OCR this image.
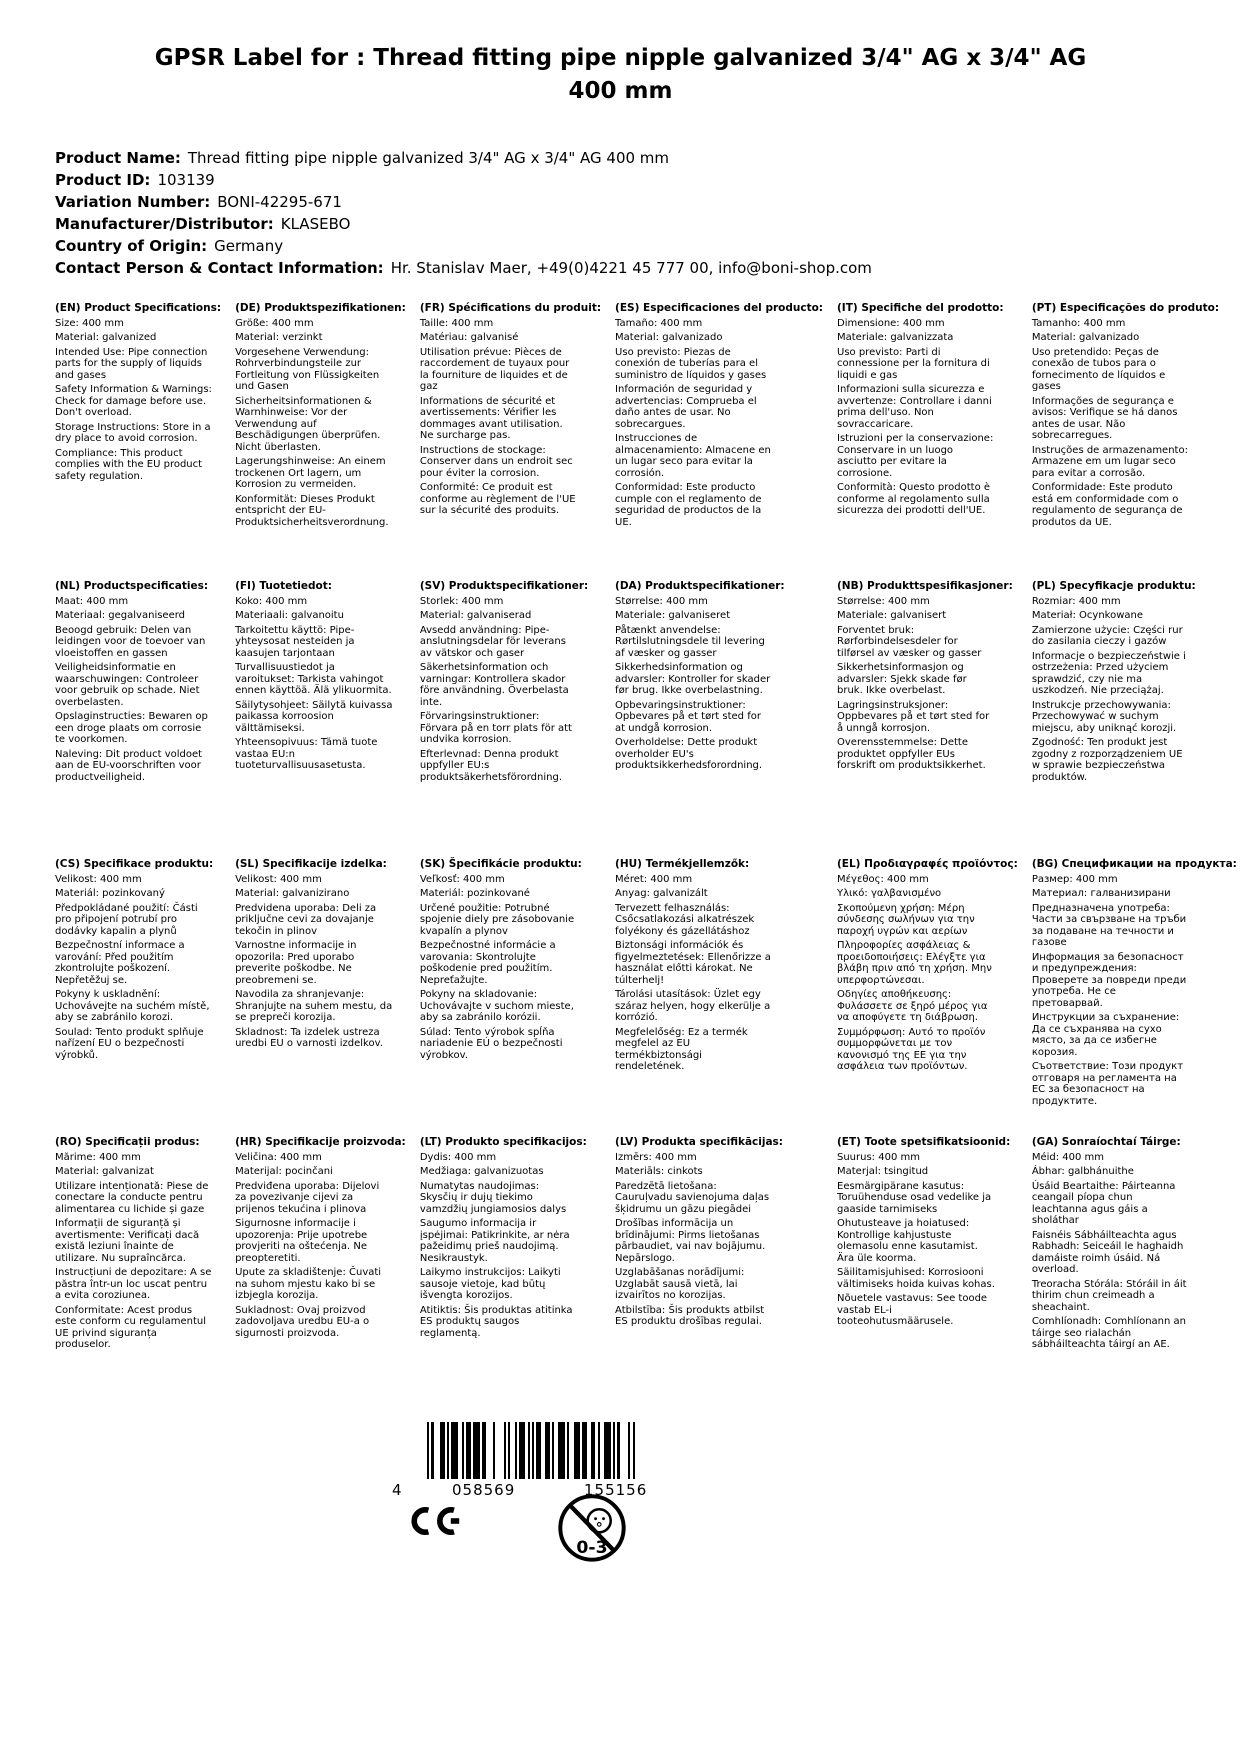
GPSR Label for : Thread fitting pipe nipple galvanized 3/4" AG x 3/4" AG 400 mm
Product Name: Thread fitting pipe nipple galvanized 3/4" AG x 3/4" AG 400 mm
Product ID: 103139
Variation Number: BONI-42295-671
Manufacturer/Distributor: KLASEBO
Country of Origin: Germany
Contact Person & Contact Information: Hr. Stanislav Maer, +49(0)4221 45 777 00, info@boni-shop.com
(EN) Product Specifications:
Size: 400 mm
Material: galvanized
Intended Use: Pipe connection parts for the supply of liquids and gases
Safety Information & Warnings: Check for damage before use. Don't overload.
Storage Instructions: Store in a dry place to avoid corrosion.
Compliance: This product complies with the EU product safety regulation.
(DE) Produktspezifikationen:
Größe: 400 mm
Material: verzinkt
Vorgesehene Verwendung: Rohrverbindungsteile zur Fortleitung von Flüssigkeiten und Gasen
Sicherheitsinformationen & Warnhinweise: Vor der Verwendung auf Beschädigungen überprüfen. Nicht überlasten.
Lagerungshinweise: An einem trockenen Ort lagern, um Korrosion zu vermeiden.
Konformität: Dieses Produkt entspricht der EU-Produktsicherheitsverordnung.
(FR) Spécifications du produit:
Taille: 400 mm
Matériau: galvanisé
Utilisation prévue: Pièces de raccordement de tuyaux pour la fourniture de liquides et de gaz
Informations de sécurité et avertissements: Vérifier les dommages avant utilisation. Ne surcharge pas.
Instructions de stockage: Conserver dans un endroit sec pour éviter la corrosion.
Conformité: Ce produit est conforme au règlement de l'UE sur la sécurité des produits.
(ES) Especificaciones del producto:
Tamaño: 400 mm
Material: galvanizado
Uso previsto: Piezas de conexión de tuberías para el suministro de líquidos y gases
Información de seguridad y advertencias: Comprueba el daño antes de usar. No sobrecargues.
Instrucciones de almacenamiento: Almacene en un lugar seco para evitar la corrosión.
Conformidad: Este producto cumple con el reglamento de seguridad de productos de la UE.
(IT) Specifiche del prodotto:
Dimensione: 400 mm
Materiale: galvanizzata
Uso previsto: Parti di connessione per la fornitura di liquidi e gas
Informazioni sulla sicurezza e avvertenze: Controllare i danni prima dell'uso. Non sovraccaricare.
Istruzioni per la conservazione: Conservare in un luogo asciutto per evitare la corrosione.
Conformità: Questo prodotto è conforme al regolamento sulla sicurezza dei prodotti dell'UE.
(PT) Especificações do produto:
Tamanho: 400 mm
Material: galvanizado
Uso pretendido: Peças de conexão de tubos para o fornecimento de líquidos e gases
Informações de segurança e avisos: Verifique se há danos antes de usar. Não sobrecarregues.
Instruções de armazenamento: Armazene em um lugar seco para evitar a corrosão.
Conformidade: Este produto está em conformidade com o regulamento de segurança de produtos da UE.
(NL) Productspecificaties:
Maat: 400 mm
Materiaal: gegalvaniseerd
Beoogd gebruik: Delen van leidingen voor de toevoer van vloeistoffen en gassen
Veiligheidsinformatie en waarschuwingen: Controleer voor gebruik op schade. Niet overbelasten.
Opslaginstructies: Bewaren op een droge plaats om corrosie te voorkomen.
Naleving: Dit product voldoet aan de EU-voorschriften voor productveiligheid.
(FI) Tuotetiedot:
Koko: 400 mm
Materiaali: galvanoitu
Tarkoitettu käyttö: Pipe-yhteysosat nesteiden ja kaasujen tarjontaan
Turvallisuustiedot ja varoitukset: Tarkista vahingot ennen käyttöä. Älä ylikuormita.
Säilytysohjeet: Säilytä kuivassa paikassa korroosion välttämiseksi.
Yhteensopivuus: Tämä tuote vastaa EU:n tuoteturvallisuusasetusta.
(SV) Produktspecifikationer:
Storlek: 400 mm
Material: galvaniserad
Avsedd användning: Pipe-anslutningsdelar för leverans av vätskor och gaser
Säkerhetsinformation och varningar: Kontrollera skador före användning. Överbelasta inte.
Förvaringsinstruktioner: Förvara på en torr plats för att undvika korrosion.
Efterlevnad: Denna produkt uppfyller EU:s produktsäkerhetsförordning.
(DA) Produktspecifikationer:
Størrelse: 400 mm
Materiale: galvaniseret
Påtænkt anvendelse: Rørtilslutningsdele til levering af væsker og gasser
Sikkerhedsinformation og advarsler: Kontroller for skader før brug. Ikke overbelastning.
Opbevaringsinstruktioner: Opbevares på et tørt sted for at undgå korrosion.
Overholdelse: Dette produkt overholder EU's produktsikkerhedsforordning.
(NB) Produkttspesifikasjoner:
Størrelse: 400 mm
Materiale: galvanisert
Forventet bruk: Rørforbindelsesdeler for tilførsel av væsker og gasser
Sikkerhetsinformasjon og advarsler: Sjekk skade før bruk. Ikke overbelast.
Lagringsinstruksjoner: Oppbevares på et tørt sted for å unngå korrosjon.
Overensstemmelse: Dette produktet oppfyller EUs forskrift om produktsikkerhet.
(PL) Specyfikacje produktu:
Rozmiar: 400 mm
Materiał: Ocynkowane
Zamierzone użycie: Części rur do zasilania cieczy i gazów
Informacje o bezpieczeństwie i ostrzeżenia: Przed użyciem sprawdzić, czy nie ma uszkodzeń. Nie przeciążaj.
Instrukcje przechowywania: Przechowywać w suchym miejscu, aby uniknąć korozji.
Zgodność: Ten produkt jest zgodny z rozporządzeniem UE w sprawie bezpieczeństwa produktów.
(CS) Specifikace produktu:
Velikost: 400 mm
Materiál: pozinkovaný
Předpokládané použití: Části pro připojení potrubí pro dodávky kapalin a plynů
Bezpečnostní informace a varování: Před použitím zkontrolujte poškození. Nepřetěžuj se.
Pokyny k uskladnění: Uchovávejte na suchém místě, aby se zabránilo korozi.
Soulad: Tento produkt splňuje nařízení EU o bezpečnosti výrobků.
(SL) Specifikacije izdelka:
Velikost: 400 mm
Material: galvanizirano
Predvidena uporaba: Deli za priključne cevi za dovajanje tekočin in plinov
Varnostne informacije in opozorila: Pred uporabo preverite poškodbe. Ne preobremeni se.
Navodila za shranjevanje: Shranjujte na suhem mestu, da se prepreči korozija.
Skladnost: Ta izdelek ustreza uredbi EU o varnosti izdelkov.
(SK) Špecifikácie produktu:
Veľkosť: 400 mm
Materiál: pozinkované
Určené použitie: Potrubné spojenie diely pre zásobovanie kvapalín a plynov
Bezpečnostné informácie a varovania: Skontrolujte poškodenie pred použitím. Nepreťažujte.
Pokyny na skladovanie: Uchovávajte v suchom mieste, aby sa zabránilo korózii.
Súlad: Tento výrobok spĺňa nariadenie EÚ o bezpečnosti výrobkov.
(HU) Termékjellemzők:
Méret: 400 mm
Anyag: galvanizált
Tervezett felhasználás: Csőcsatlakozási alkatrészek folyékony és gázellátáshoz
Biztonsági információk és figyelmeztetések: Ellenőrizze a használat előtti károkat. Ne túlterhelj!
Tárolási utasítások: Üzlet egy száraz helyen, hogy elkerülje a korrózió.
Megfelelőség: Ez a termék megfelel az EU termékbiztonsági rendeletének.
(EL) Προδιαγραφές προϊόντος:
Μέγεθος: 400 mm
Υλικό: γαλβανισμένο
Σκοπούμενη χρήση: Μέρη σύνδεσης σωλήνων για την παροχή υγρών και αερίων
Πληροφορίες ασφάλειας & προειδοποιήσεις: Ελέγξτε για βλάβη πριν από τη χρήση. Μην υπερφορτώνεσαι.
Οδηγίες αποθήκευσης: Φυλάσσετε σε ξηρό μέρος για να αποφύγετε τη διάβρωση.
Συμμόρφωση: Αυτό το προϊόν συμμορφώνεται με τον κανονισμό της ΕΕ για την ασφάλεια των προϊόντων.
(BG) Спецификации на продукта:
Размер: 400 mm
Материал: галванизирани
Предназначена употреба: Части за свързване на тръби за подаване на течности и газове
Информация за безопасност и предупреждения: Проверете за повреди преди употреба. Не се претоварвай.
Инструкции за съхранение: Да се съхранява на сухо място, за да се избегне корозия.
Съответствие: Този продукт отговаря на регламента на ЕС за безопасност на продуктите.
(RO) Specificații produs:
Mărime: 400 mm
Material: galvanizat
Utilizare intenționată: Piese de conectare la conducte pentru alimentarea cu lichide și gaze
Informații de siguranță și avertismente: Verificați dacă există leziuni înainte de utilizare. Nu supraîncărca.
Instrucțiuni de depozitare: A se păstra într-un loc uscat pentru a evita coroziunea.
Conformitate: Acest produs este conform cu regulamentul UE privind siguranța produselor.
(HR) Specifikacije proizvoda:
Veličina: 400 mm
Materijal: pocinčani
Predviđena uporaba: Dijelovi za povezivanje cijevi za prijenos tekućina i plinova
Sigurnosne informacije i upozorenja: Prije upotrebe provjeriti na oštećenja. Ne preopteretiti.
Upute za skladištenje: Čuvati na suhom mjestu kako bi se izbjegla korozija.
Sukladnost: Ovaj proizvod zadovoljava uredbu EU-a o sigurnosti proizvoda.
(LT) Produkto specifikacijos:
Dydis: 400 mm
Medžiaga: galvanizuotas
Numatytas naudojimas: Skysčių ir dujų tiekimo vamzdžių jungiamosios dalys
Saugumo informacija ir įspėjimai: Patikrinkite, ar nėra pažeidimų prieš naudojimą. Nesikraustyk.
Laikymo instrukcijos: Laikyti sausoje vietoje, kad būtų išvengta korozijos.
Atitiktis: Šis produktas atitinka ES produktų saugos reglamentą.
(LV) Produkta specifikācijas:
Izmērs: 400 mm
Materiāls: cinkots
Paredzētā lietošana: Cauruļvadu savienojuma daļas šķidrumu un gāzu piegādei
Drošības informācija un brīdinājumi: Pirms lietošanas pārbaudiet, vai nav bojājumu. Nepārslogo.
Uzglabāšanas norādījumi: Uzglabāt sausā vietā, lai izvairītos no korozijas.
Atbilstība: Šis produkts atbilst ES produktu drošības regulai.
(ET) Toote spetsifikatsioonid:
Suurus: 400 mm
Materjal: tsingitud
Eesmärgipärane kasutus: Toruühenduse osad vedelike ja gaaside tarnimiseks
Ohutusteave ja hoiatused: Kontrollige kahjustuste olemasolu enne kasutamist. Ära üle koorma.
Säilitamisjuhised: Korrosiooni vältimiseks hoida kuivas kohas.
Nõuetele vastavus: See toode vastab EL-i tooteohutusmäärusele.
(GA) Sonraíochtaí Táirge:
Méid: 400 mm
Ábhar: galbhánuithe
Úsáid Beartaithe: Páirteanna ceangail píopa chun leachtanna agus gáis a sholáthar
Faisnéis Sábháilteachta agus Rabhadh: Seiceáil le haghaidh damáiste roimh úsáid. Ná overload.
Treoracha Stórála: Stóráil in áit thirim chun creimeadh a sheachaint.
Comhlíonadh: Comhlíonann an táirge seo rialachán sábháilteachta táirgí an AE.
4	058569	155156
0-3
